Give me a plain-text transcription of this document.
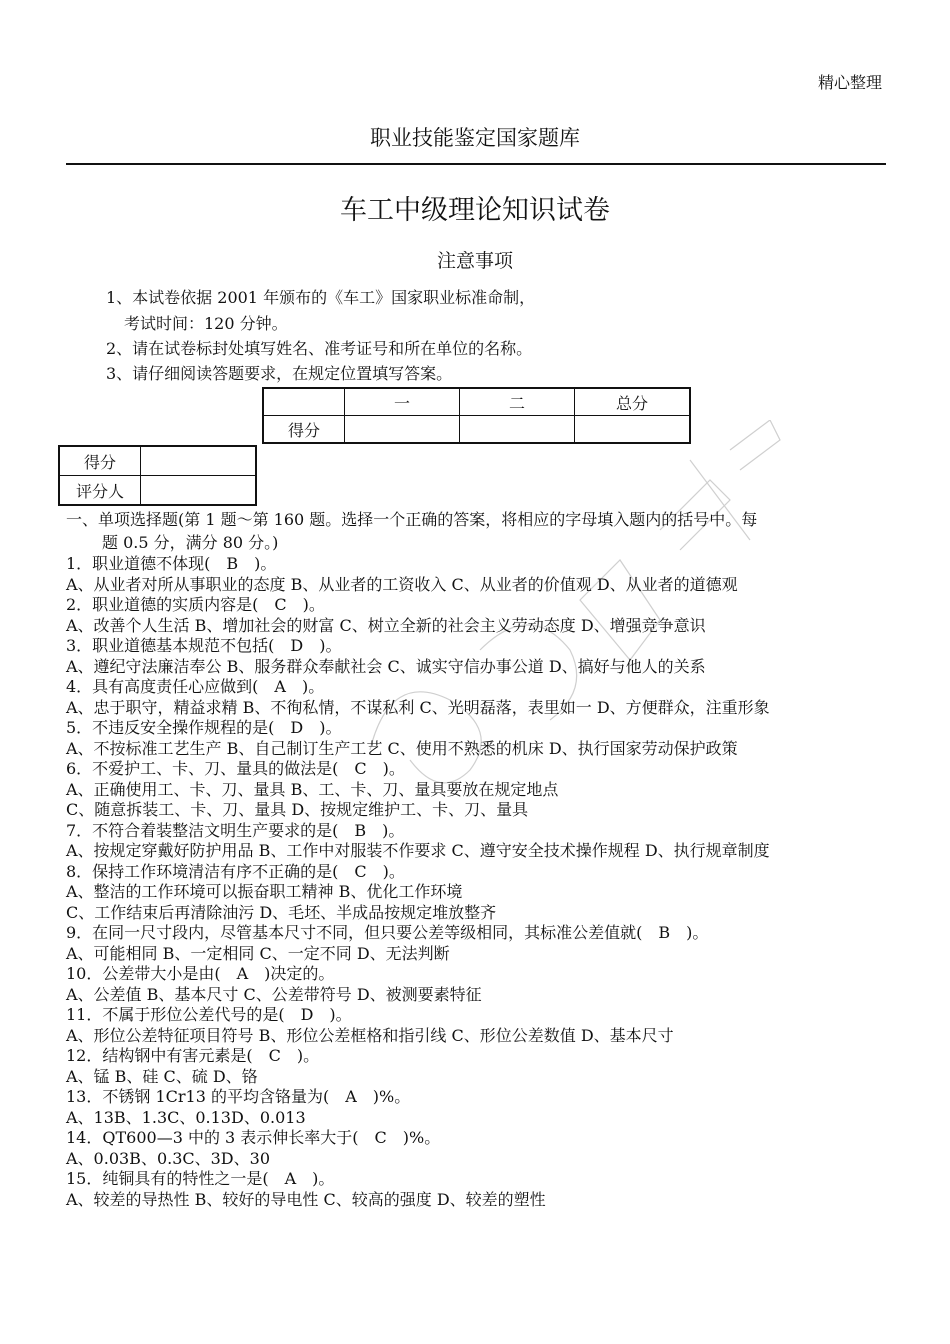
精心整理

职业技能鉴定国家题库

车工中级理论知识试卷

注意事项

1、本试卷依据 2001 年颁布的《车工》国家职业标准命制，

考试时间：120 分钟。

2、请在试卷标封处填写姓名、准考证号和所在单位的名称。

3、请仔细阅读答题要求，在规定位置填写答案。

	一	二	总分
得分			
得分	
评分人	
一、单项选择题(第 1 题～第 160 题。选择一个正确的答案，将相应的字母填入题内的括号中。每
题 0.5 分，满分 80 分。)
1．职业道德不体现(　B　)。
A、从业者对所从事职业的态度 B、从业者的工资收入 C、从业者的价值观 D、从业者的道德观
2．职业道德的实质内容是(　C　)。
A、改善个人生活 B、增加社会的财富 C、树立全新的社会主义劳动态度 D、增强竞争意识
3．职业道德基本规范不包括(　D　)。
A、遵纪守法廉洁奉公 B、服务群众奉献社会 C、诚实守信办事公道 D、搞好与他人的关系
4．具有高度责任心应做到(　A　)。
A、忠于职守，精益求精 B、不徇私情，不谋私利 C、光明磊落，表里如一 D、方便群众，注重形象
5．不违反安全操作规程的是(　D　)。
A、不按标准工艺生产 B、自己制订生产工艺 C、使用不熟悉的机床 D、执行国家劳动保护政策
6．不爱护工、卡、刀、量具的做法是(　C　)。
A、正确使用工、卡、刀、量具 B、工、卡、刀、量具要放在规定地点
C、随意拆装工、卡、刀、量具 D、按规定维护工、卡、刀、量具
7．不符合着装整洁文明生产要求的是(　B　)。
A、按规定穿戴好防护用品 B、工作中对服装不作要求 C、遵守安全技术操作规程 D、执行规章制度
8．保持工作环境清洁有序不正确的是(　C　)。
A、整洁的工作环境可以振奋职工精神 B、优化工作环境
C、工作结束后再清除油污 D、毛坯、半成品按规定堆放整齐
9．在同一尺寸段内，尽管基本尺寸不同，但只要公差等级相同，其标准公差值就(　B　)。
A、可能相同 B、一定相同 C、一定不同 D、无法判断
10．公差带大小是由(　A　)决定的。
A、公差值 B、基本尺寸 C、公差带符号 D、被测要素特征
11．不属于形位公差代号的是(　D　)。
A、形位公差特征项目符号 B、形位公差框格和指引线 C、形位公差数值 D、基本尺寸
12．结构钢中有害元素是(　C　)。
A、锰 B、硅 C、硫 D、铬
13．不锈钢 1Cr13 的平均含铬量为(　A　)%。
A、13B、1.3C、0.13D、0.013
14．QT600—3 中的 3 表示伸长率大于(　C　)%。
A、0.03B、0.3C、3D、30
15．纯铜具有的特性之一是(　A　)。
A、较差的导热性 B、较好的导电性 C、较高的强度 D、较差的塑性
